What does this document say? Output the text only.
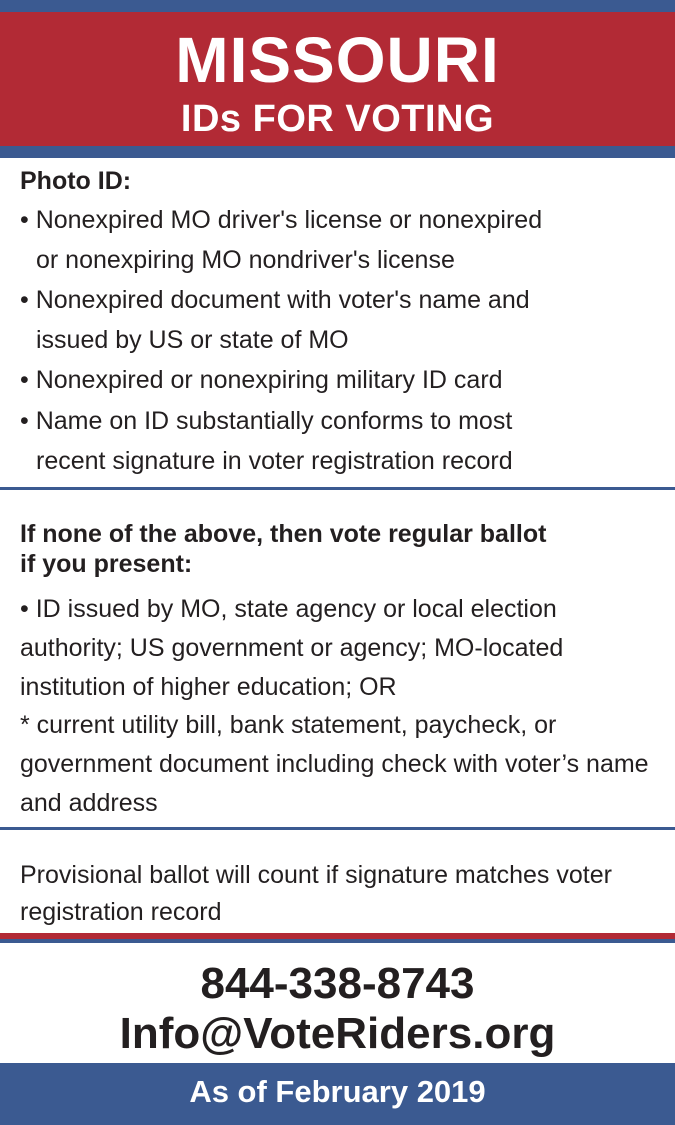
MISSOURI
IDs FOR VOTING

Photo ID:

• Nonexpired MO driver's license or nonexpired
or nonexpiring MO nondriver's license

• Nonexpired document with voter's name and
issued by US or state of MO

• Nonexpired or nonexpiring military ID card

• Name on ID substantially conforms to most
recent signature in voter registration record

If none of the above, then vote regular ballot
if you present:

• ID issued by MO, state agency or local election authority; US government or agency; MO-located institution of higher education; OR

* current utility bill, bank statement, paycheck, or government document including check with voter’s name and address

Provisional ballot will count if signature matches voter registration record

844-338-8743
Info@VoteRiders.org
As of February 2019
